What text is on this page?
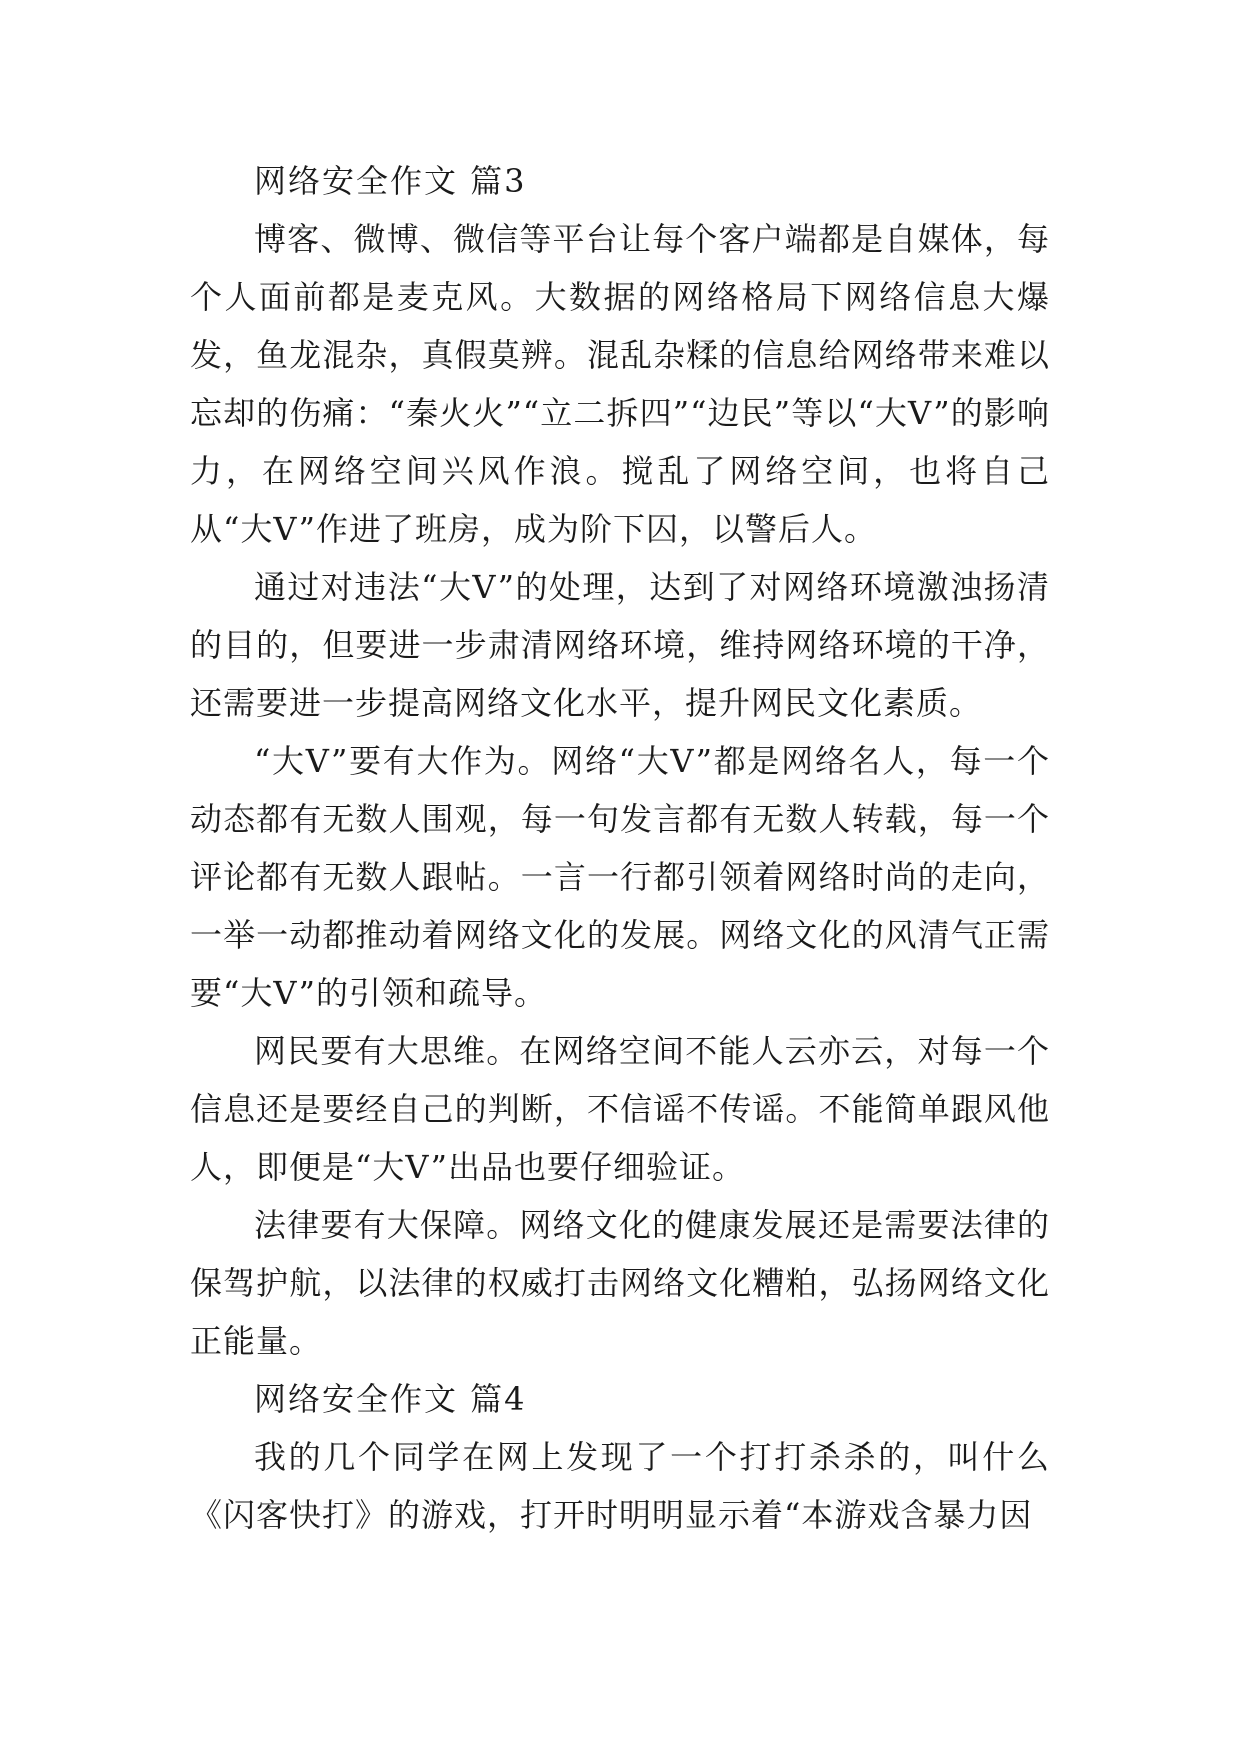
网络安全作文 篇3

博客、微博、微信等平台让每个客户端都是自媒体，每个人面前都是麦克风。大数据的网络格局下网络信息大爆发，鱼龙混杂，真假莫辨。混乱杂糅的信息给网络带来难以忘却的伤痛：“秦火火”“立二拆四”“边民”等以“大V”的影响力，在网络空间兴风作浪。搅乱了网络空间，也将自己从“大V”作进了班房，成为阶下囚，以警后人。

通过对违法“大V”的处理，达到了对网络环境激浊扬清的目的，但要进一步肃清网络环境，维持网络环境的干净，还需要进一步提高网络文化水平，提升网民文化素质。

“大V”要有大作为。网络“大V”都是网络名人，每一个动态都有无数人围观，每一句发言都有无数人转载，每一个评论都有无数人跟帖。一言一行都引领着网络时尚的走向，一举一动都推动着网络文化的发展。网络文化的风清气正需要“大V”的引领和疏导。

网民要有大思维。在网络空间不能人云亦云，对每一个信息还是要经自己的判断，不信谣不传谣。不能简单跟风他人，即便是“大V”出品也要仔细验证。

法律要有大保障。网络文化的健康发展还是需要法律的保驾护航，以法律的权威打击网络文化糟粕，弘扬网络文化正能量。

网络安全作文 篇4

我的几个同学在网上发现了一个打打杀杀的，叫什么《闪客快打》的游戏，打开时明明显示着“本游戏含暴力因
